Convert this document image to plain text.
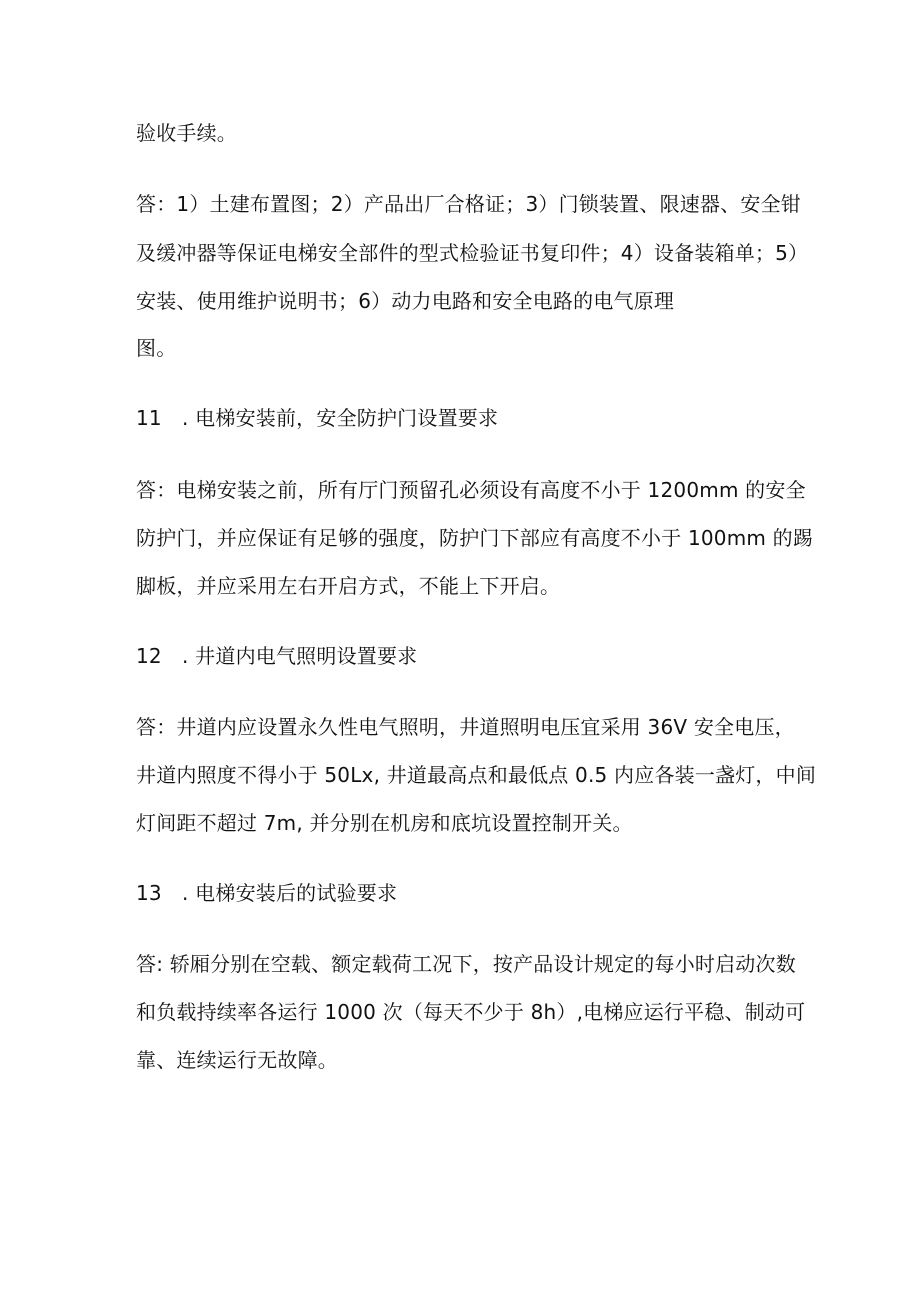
验收手续。
答：1）土建布置图；2）产品出厂合格证；3）门锁装置、限速器、安全钳
及缓冲器等保证电梯安全部件的型式检验证书复印件；4）设备装箱单；5）
安装、使用维护说明书；6）动力电路和安全电路的电气原理
图。
11　. 电梯安装前，安全防护门设置要求
答：电梯安装之前，所有厅门预留孔必须设有高度不小于 1200mm 的安全
防护门，并应保证有足够的强度，防护门下部应有高度不小于 100mm 的踢
脚板，并应采用左右开启方式，不能上下开启。
12　. 井道内电气照明设置要求
答：井道内应设置永久性电气照明，井道照明电压宜采用 36V 安全电压，
井道内照度不得小于 50Lx, 井道最高点和最低点 0.5 内应各装一盏灯，中间
灯间距不超过 7m, 并分别在机房和底坑设置控制开关。
13　. 电梯安装后的试验要求
答: 轿厢分别在空载、额定载荷工况下，按产品设计规定的每小时启动次数
和负载持续率各运行 1000 次（每天不少于 8h）,电梯应运行平稳、制动可
靠、连续运行无故障。
